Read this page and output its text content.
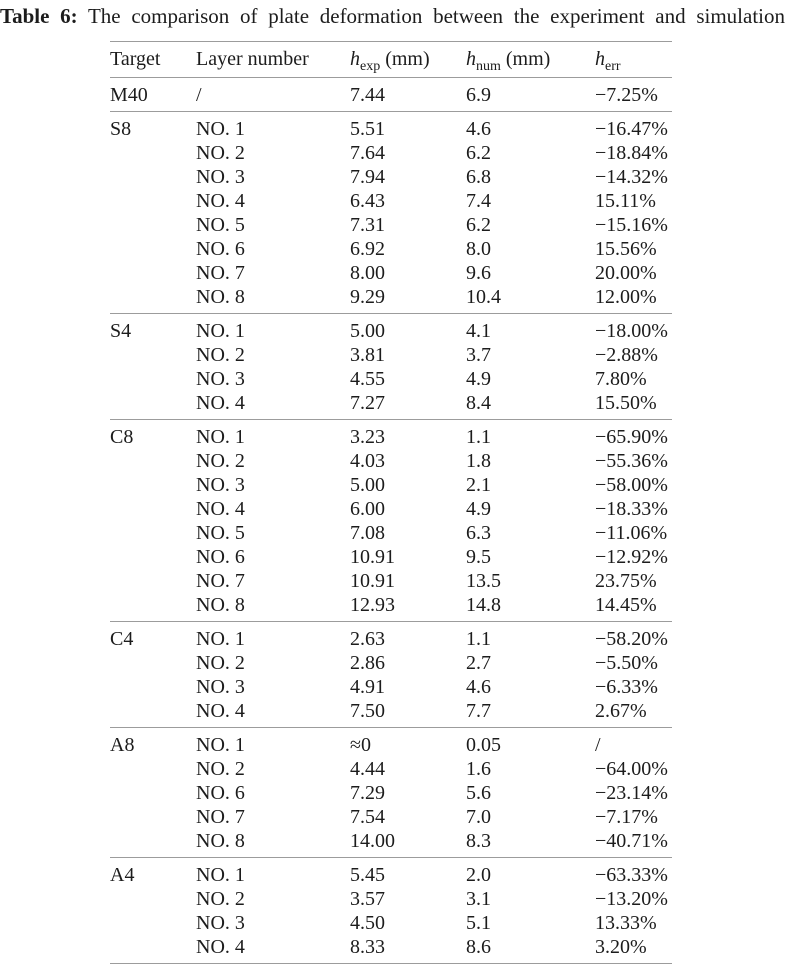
Table 6: The comparison of plate deformation between the experiment and simulation
Target	Layer number	$h_{exp}$ (mm)	$h_{num}$ (mm)	$h_{err}$
M40	/	7.44	6.9	−7.25%
S8	NO. 1	5.51	4.6	−16.47%
	NO. 2	7.64	6.2	−18.84%
	NO. 3	7.94	6.8	−14.32%
	NO. 4	6.43	7.4	15.11%
	NO. 5	7.31	6.2	−15.16%
	NO. 6	6.92	8.0	15.56%
	NO. 7	8.00	9.6	20.00%
	NO. 8	9.29	10.4	12.00%
S4	NO. 1	5.00	4.1	−18.00%
	NO. 2	3.81	3.7	−2.88%
	NO. 3	4.55	4.9	7.80%
	NO. 4	7.27	8.4	15.50%
C8	NO. 1	3.23	1.1	−65.90%
	NO. 2	4.03	1.8	−55.36%
	NO. 3	5.00	2.1	−58.00%
	NO. 4	6.00	4.9	−18.33%
	NO. 5	7.08	6.3	−11.06%
	NO. 6	10.91	9.5	−12.92%
	NO. 7	10.91	13.5	23.75%
	NO. 8	12.93	14.8	14.45%
C4	NO. 1	2.63	1.1	−58.20%
	NO. 2	2.86	2.7	−5.50%
	NO. 3	4.91	4.6	−6.33%
	NO. 4	7.50	7.7	2.67%
A8	NO. 1	≈0	0.05	/
	NO. 2	4.44	1.6	−64.00%
	NO. 6	7.29	5.6	−23.14%
	NO. 7	7.54	7.0	−7.17%
	NO. 8	14.00	8.3	−40.71%
A4	NO. 1	5.45	2.0	−63.33%
	NO. 2	3.57	3.1	−13.20%
	NO. 3	4.50	5.1	13.33%
	NO. 4	8.33	8.6	3.20%
